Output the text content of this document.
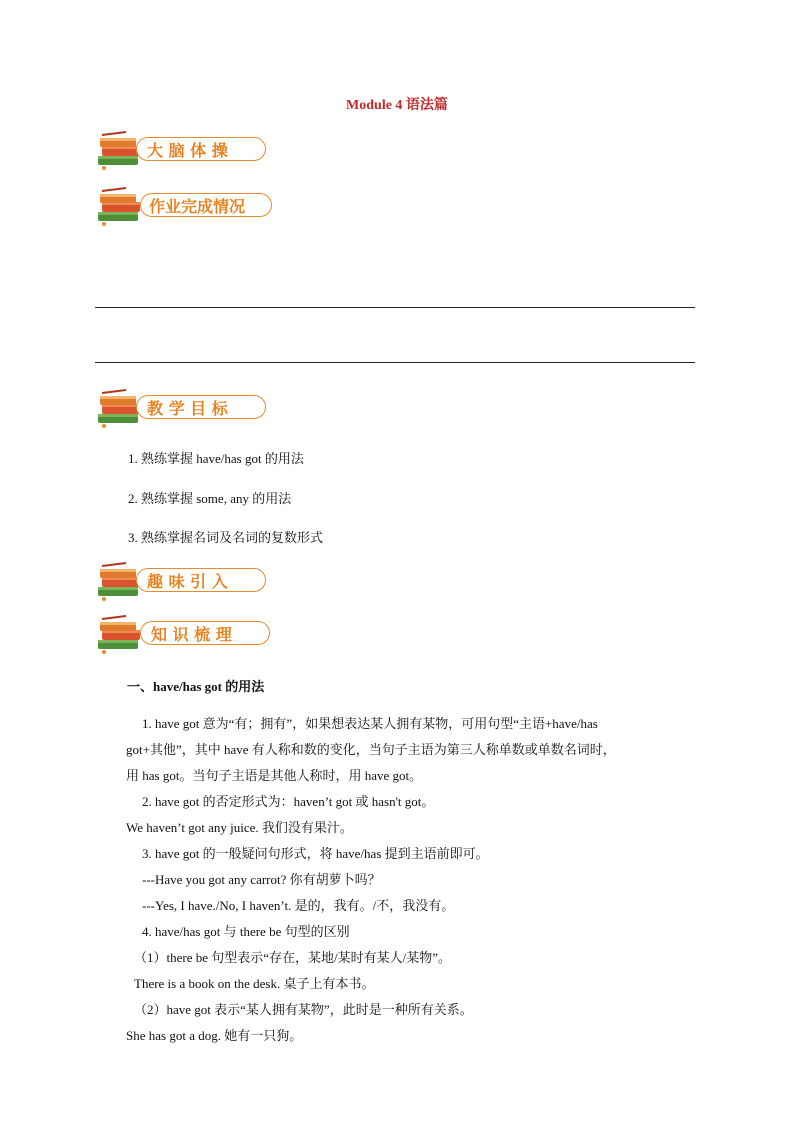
Module 4 语法篇
大 脑 体 操
作业完成情况
教 学 目 标
1. 熟练掌握 have/has got 的用法
2. 熟练掌握 some, any 的用法
3. 熟练掌握名词及名词的复数形式
趣 味 引 入
知 识 梳 理
一、have/has got 的用法

1. have got 意为“有；拥有”，如果想表达某人拥有某物，可用句型“主语+have/has

got+其他”，其中 have 有人称和数的变化，当句子主语为第三人称单数或单数名词时，

用 has got。当句子主语是其他人称时，用 have got。

2. have got 的否定形式为：haven’t got 或 hasn't got。

We haven’t got any juice. 我们没有果汁。

3. have got 的一般疑问句形式，将 have/has 提到主语前即可。

---Have you got any carrot? 你有胡萝卜吗？

---Yes, I have./No, I haven’t. 是的，我有。/不，我没有。

4. have/has got 与 there be 句型的区别

（1）there be 句型表示“存在，某地/某时有某人/某物”。

There is a book on the desk. 桌子上有本书。

（2）have got 表示“某人拥有某物”，此时是一种所有关系。

She has got a dog. 她有一只狗。
